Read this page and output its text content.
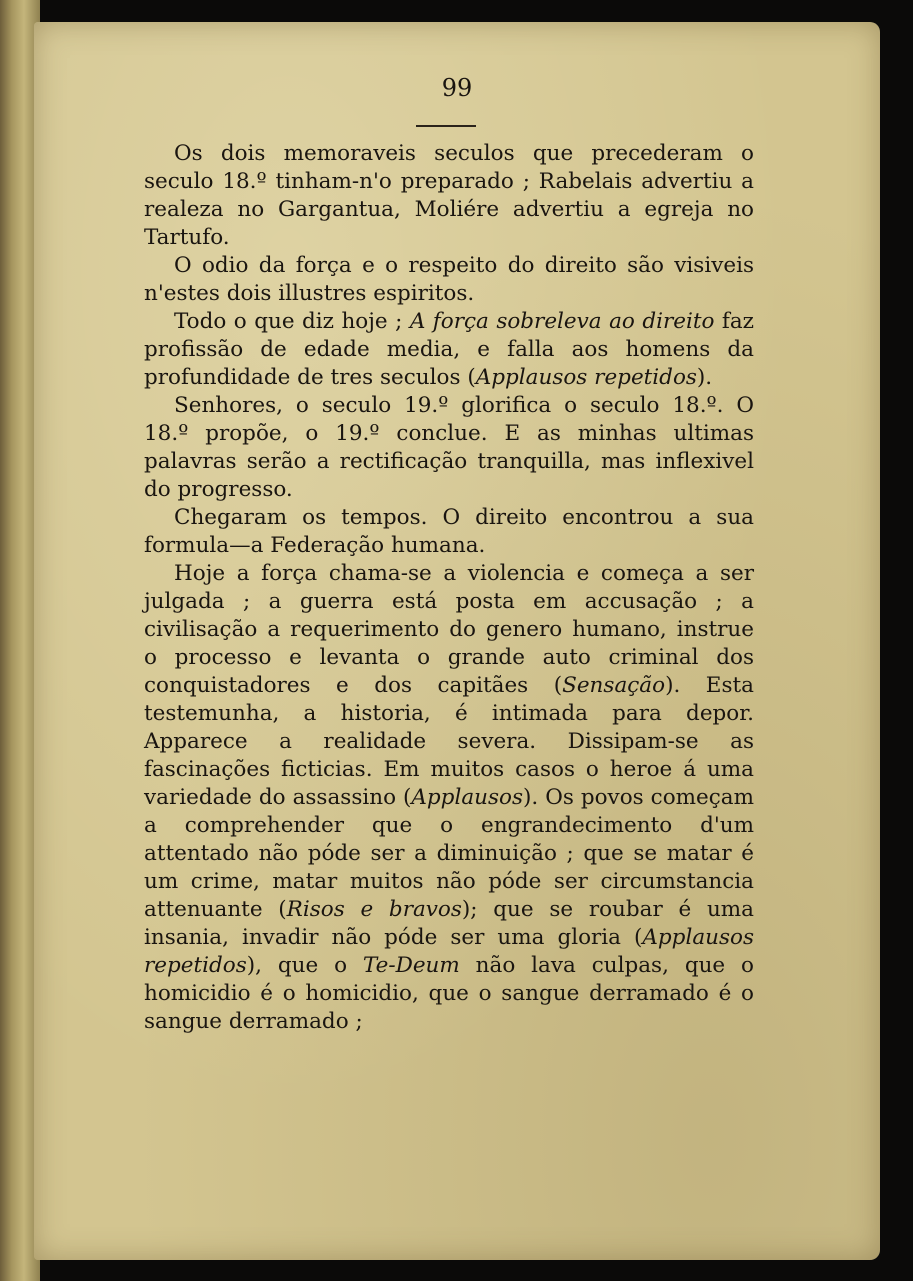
99

Os dois memoraveis seculos que precederam o seculo 18.º tinham-n'o preparado ; Rabelais advertiu a realeza no Gargantua, Moliére advertiu a egreja no Tartufo.

O odio da força e o respeito do direito são visiveis n'estes dois illustres espiritos.

Todo o que diz hoje ; A força sobreleva ao direito faz profissão de edade media, e falla aos homens da profundidade de tres seculos (Applausos repetidos).

Senhores, o seculo 19.º glorifica o seculo 18.º. O 18.º propõe, o 19.º conclue. E as minhas ultimas palavras serão a rectificação tranquilla, mas inflexivel do progresso.

Chegaram os tempos. O direito encontrou a sua formula—a Federação humana.

Hoje a força chama-se a violencia e começa a ser julgada ; a guerra está posta em accusação ; a civilisação a requerimento do genero humano, instrue o processo e levanta o grande auto criminal dos conquistadores e dos capitães (Sensação). Esta testemunha, a historia, é intimada para depor. Apparece a realidade severa. Dissipam-se as fascinações ficticias. Em muitos casos o heroe á uma variedade do assassino (Applausos). Os povos começam a comprehender que o engrandecimento d'um attentado não póde ser a diminuição ; que se matar é um crime, matar muitos não póde ser circumstancia attenuante (Risos e bravos); que se roubar é uma insania, invadir não póde ser uma gloria (Applausos repetidos), que o Te-Deum não lava culpas, que o homicidio é o homicidio, que o sangue derramado é o sangue derramado ;
